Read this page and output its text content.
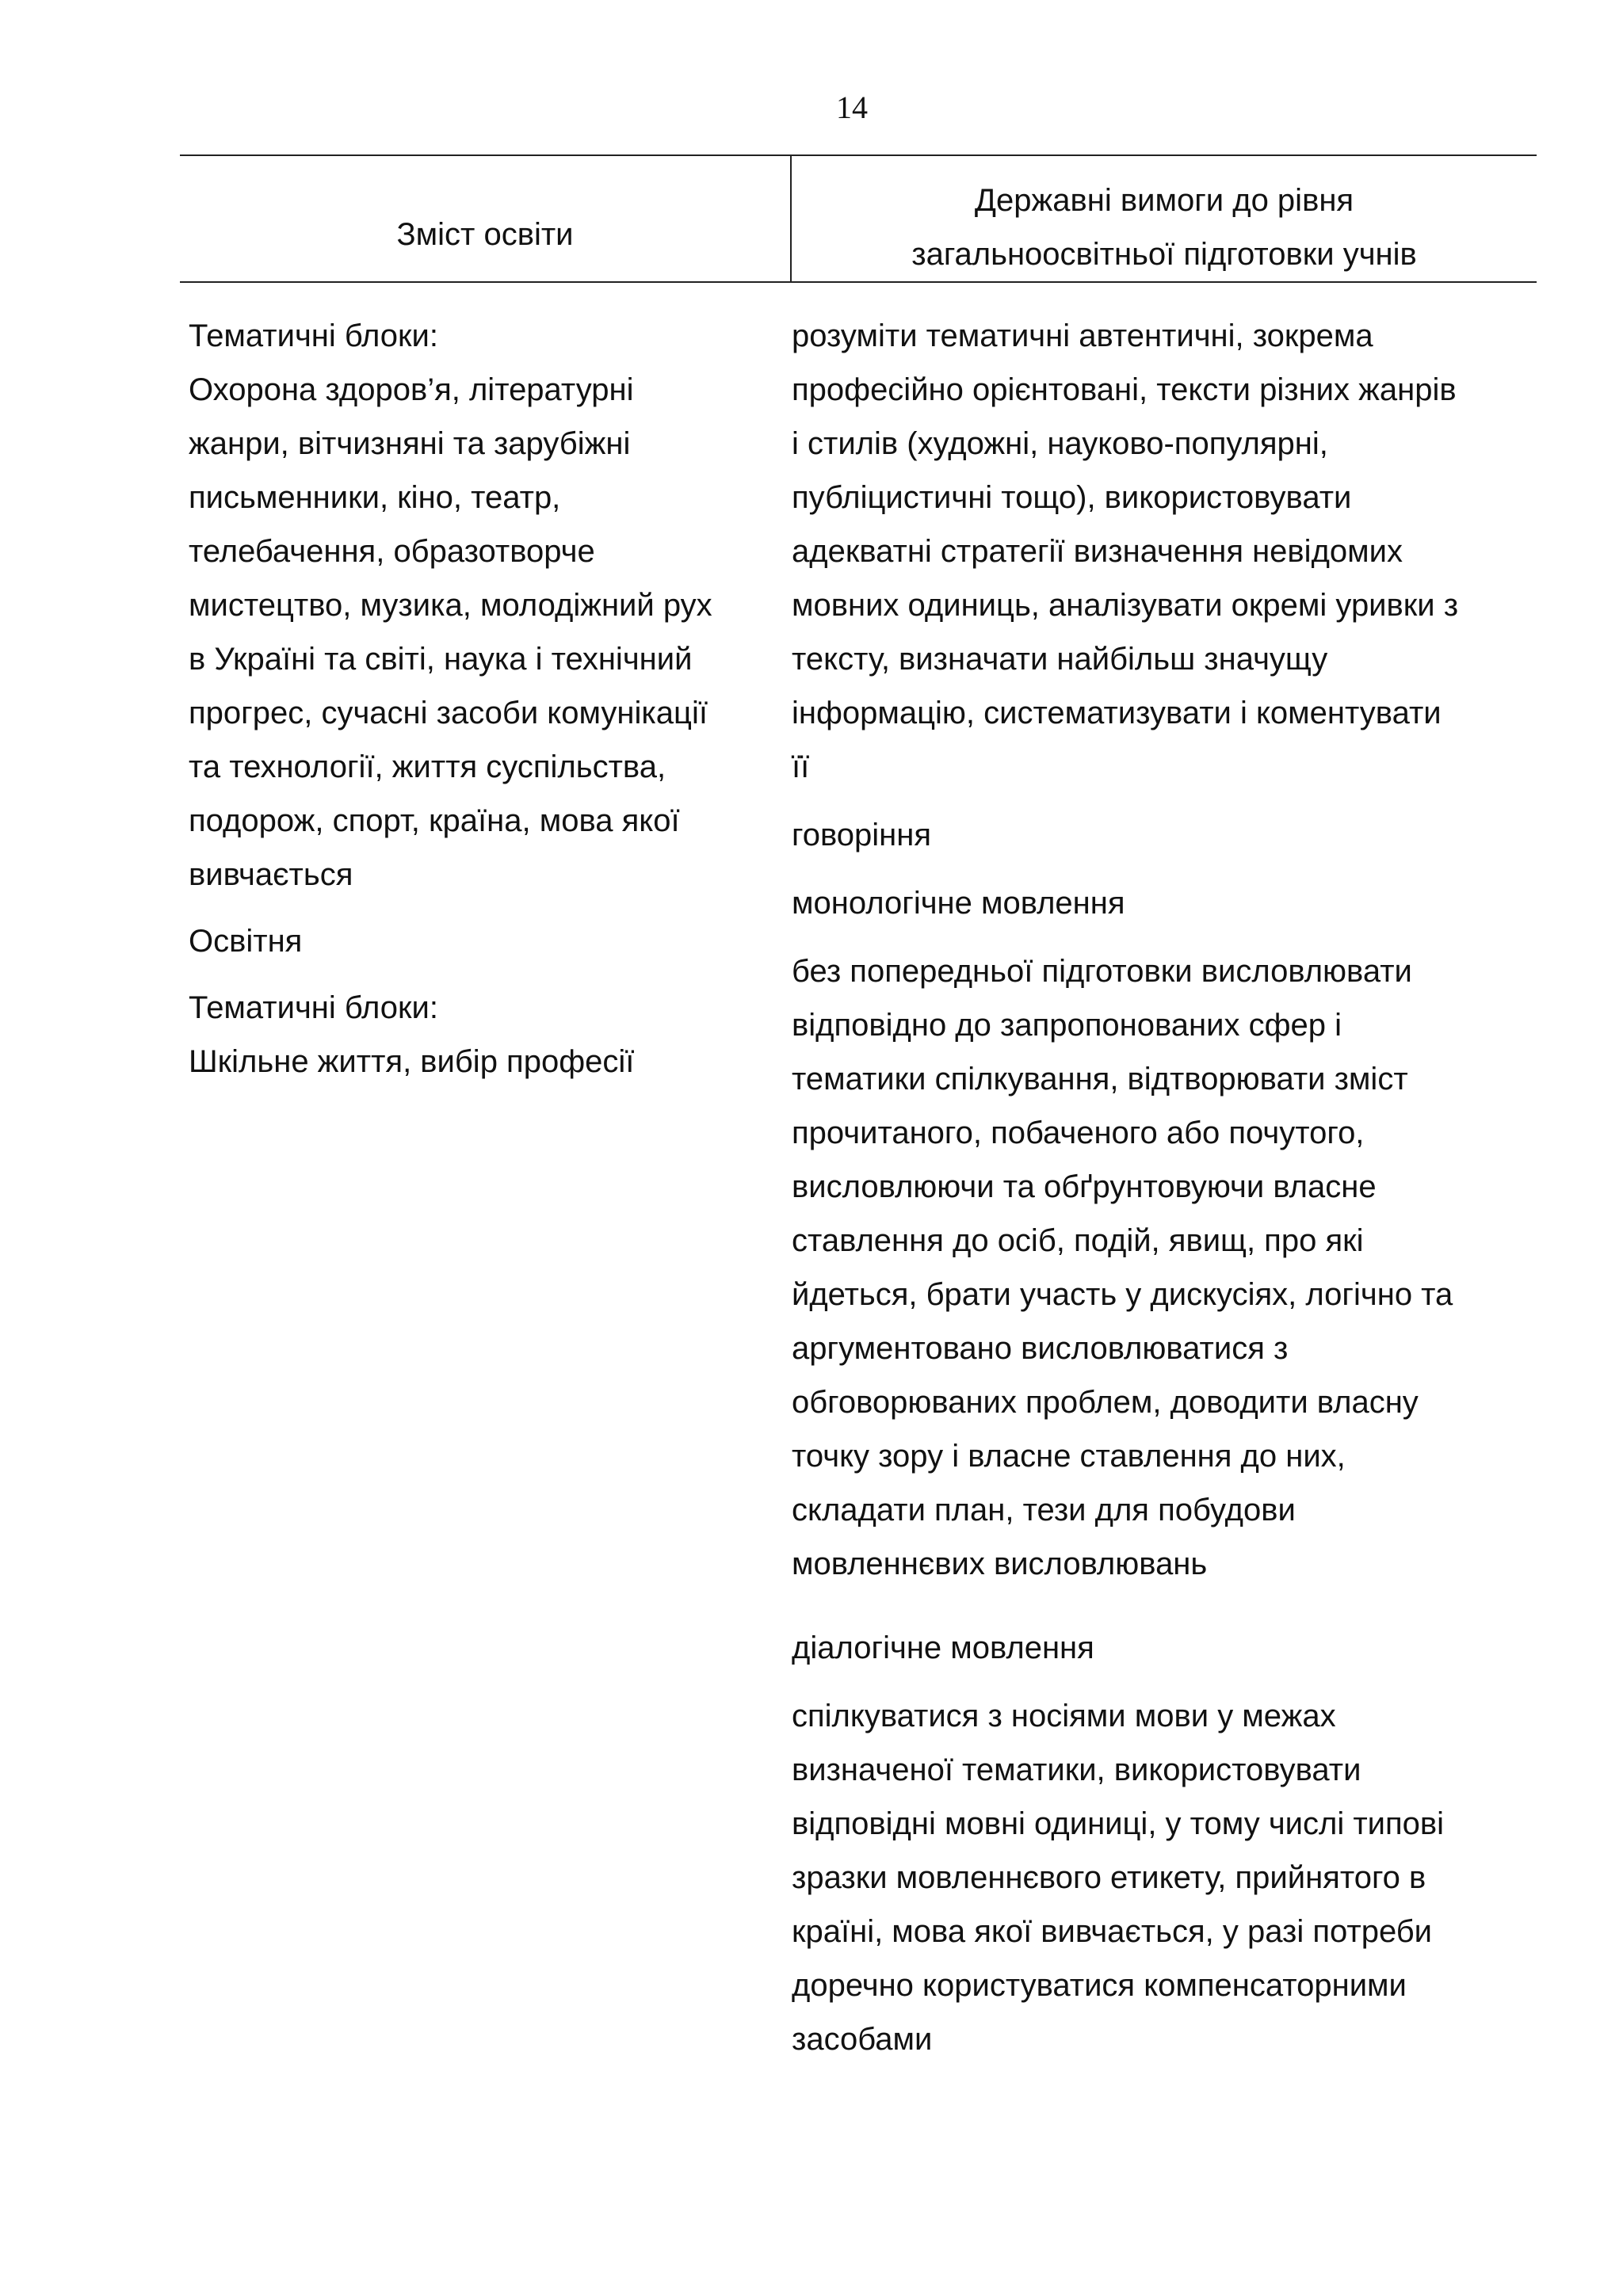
14
Зміст освіти
Державні вимоги до рівня
загальноосвітньої підготовки учнів

Тематичні блоки:

Охорона здоров’я, літературні
жанри, вітчизняні та зарубіжні
письменники, кіно, театр,
телебачення, образотворче
мистецтво, музика, молодіжний рух
в Україні та світі, наука і технічний
прогрес, сучасні засоби комунікації
та технології, життя суспільства,
подорож, спорт, країна, мова якої
вивчається

Освітня

Тематичні блоки:

Шкільне життя, вибір професії

розуміти тематичні автентичні, зокрема
професійно орієнтовані, тексти різних жанрів
і стилів (художні, науково-популярні,
публіцистичні тощо), використовувати
адекватні стратегії визначення невідомих
мовних одиниць, аналізувати окремі уривки з
тексту, визначати найбільш значущу
інформацію, систематизувати і коментувати
її

говоріння

монологічне мовлення

без попередньої підготовки висловлювати
відповідно до запропонованих сфер і
тематики спілкування, відтворювати зміст
прочитаного, побаченого або почутого,
висловлюючи та обґрунтовуючи власне
ставлення до осіб, подій, явищ, про які
йдеться, брати участь у дискусіях, логічно та
аргументовано висловлюватися з
обговорюваних проблем, доводити власну
точку зору і власне ставлення до них,
складати план, тези для побудови
мовленнєвих висловлювань

діалогічне мовлення

спілкуватися з носіями мови у межах
визначеної тематики, використовувати
відповідні мовні одиниці, у тому числі типові
зразки мовленнєвого етикету, прийнятого в
країні, мова якої вивчається, у разі потреби
доречно користуватися компенсаторними
засобами
